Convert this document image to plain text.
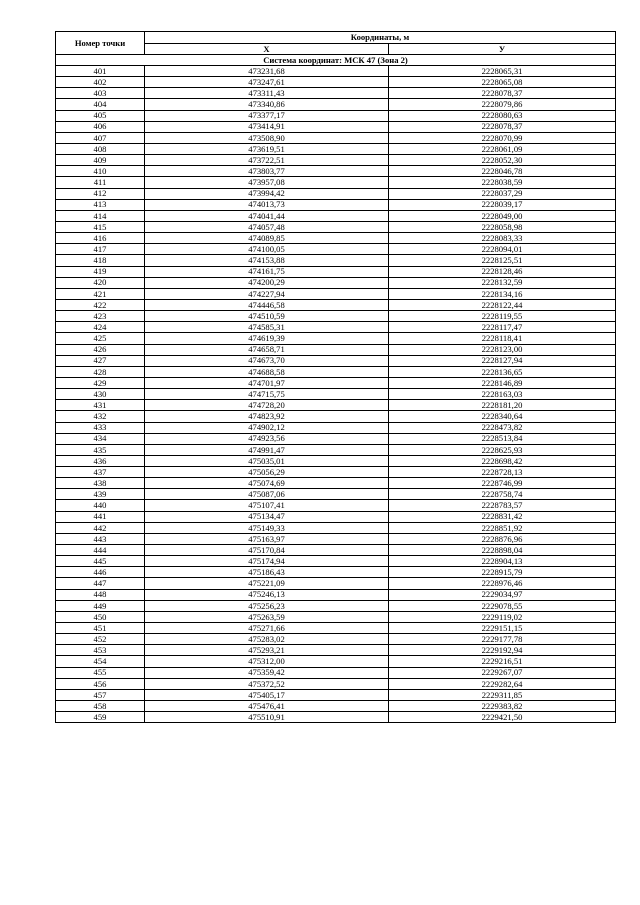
Номер точки	Координаты, м	
	X	У
Система координат: МСК 47 (Зона 2)		
401	473231,68	2228065,31
402	473247,61	2228065,08
403	473311,43	2228078,37
404	473340,86	2228079,86
405	473377,17	2228080,63
406	473414,91	2228078,37
407	473508,90	2228070,99
408	473619,51	2228061,09
409	473722,51	2228052,30
410	473803,77	2228046,78
411	473957,08	2228038,59
412	473994,42	2228037,29
413	474013,73	2228039,17
414	474041,44	2228049,00
415	474057,48	2228058,98
416	474089,85	2228083,33
417	474100,05	2228094,01
418	474153,88	2228125,51
419	474161,75	2228128,46
420	474200,29	2228132,59
421	474227,94	2228134,16
422	474446,58	2228122,44
423	474510,59	2228119,55
424	474585,31	2228117,47
425	474619,39	2228118,41
426	474658,71	2228123,00
427	474673,70	2228127,94
428	474688,58	2228136,65
429	474701,97	2228146,89
430	474715,75	2228163,03
431	474728,20	2228181,20
432	474823,92	2228340,64
433	474902,12	2228473,82
434	474923,56	2228513,84
435	474991,47	2228625,93
436	475035,01	2228698,42
437	475056,29	2228728,13
438	475074,69	2228746,99
439	475087,06	2228758,74
440	475107,41	2228783,57
441	475134,47	2228831,42
442	475149,33	2228851,92
443	475163,97	2228876,96
444	475170,84	2228898,04
445	475174,94	2228904,13
446	475186,43	2228915,79
447	475221,09	2228976,46
448	475246,13	2229034,97
449	475256,23	2229078,55
450	475263,59	2229119,02
451	475271,66	2229151,15
452	475283,02	2229177,78
453	475293,21	2229192,94
454	475312,00	2229216,51
455	475359,42	2229267,07
456	475372,52	2229282,64
457	475405,17	2229311,85
458	475476,41	2229383,82
459	475510,91	2229421,50
